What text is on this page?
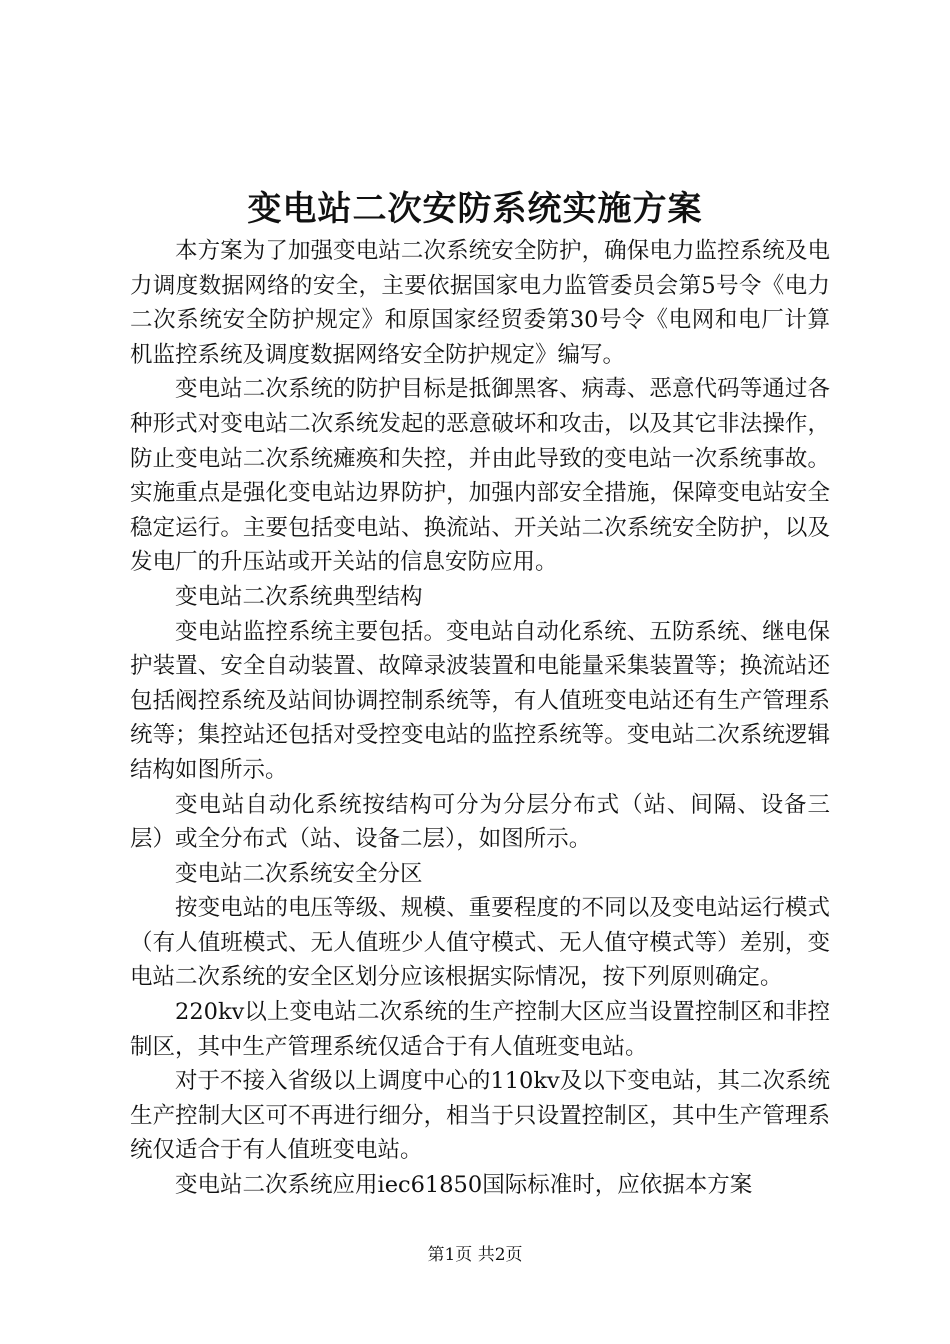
变电站二次安防系统实施方案

本方案为了加强变电站二次系统安全防护，确保电力监控系统及电力调度数据网络的安全，主要依据国家电力监管委员会第5号令《电力二次系统安全防护规定》和原国家经贸委第30号令《电网和电厂计算机监控系统及调度数据网络安全防护规定》编写。

变电站二次系统的防护目标是抵御黑客、病毒、恶意代码等通过各种形式对变电站二次系统发起的恶意破坏和攻击，以及其它非法操作，防止变电站二次系统瘫痪和失控，并由此导致的变电站一次系统事故。实施重点是强化变电站边界防护，加强内部安全措施，保障变电站安全稳定运行。主要包括变电站、换流站、开关站二次系统安全防护，以及发电厂的升压站或开关站的信息安防应用。

变电站二次系统典型结构

变电站监控系统主要包括。变电站自动化系统、五防系统、继电保护装置、安全自动装置、故障录波装置和电能量采集装置等；换流站还包括阀控系统及站间协调控制系统等，有人值班变电站还有生产管理系统等；集控站还包括对受控变电站的监控系统等。变电站二次系统逻辑结构如图所示。

变电站自动化系统按结构可分为分层分布式（站、间隔、设备三层）或全分布式（站、设备二层），如图所示。

变电站二次系统安全分区

按变电站的电压等级、规模、重要程度的不同以及变电站运行模式（有人值班模式、无人值班少人值守模式、无人值守模式等）差别，变电站二次系统的安全区划分应该根据实际情况，按下列原则确定。

220kv以上变电站二次系统的生产控制大区应当设置控制区和非控制区，其中生产管理系统仅适合于有人值班变电站。

对于不接入省级以上调度中心的110kv及以下变电站，其二次系统生产控制大区可不再进行细分，相当于只设置控制区，其中生产管理系统仅适合于有人值班变电站。

变电站二次系统应用iec61850国际标准时，应依据本方案

第1页 共2页
